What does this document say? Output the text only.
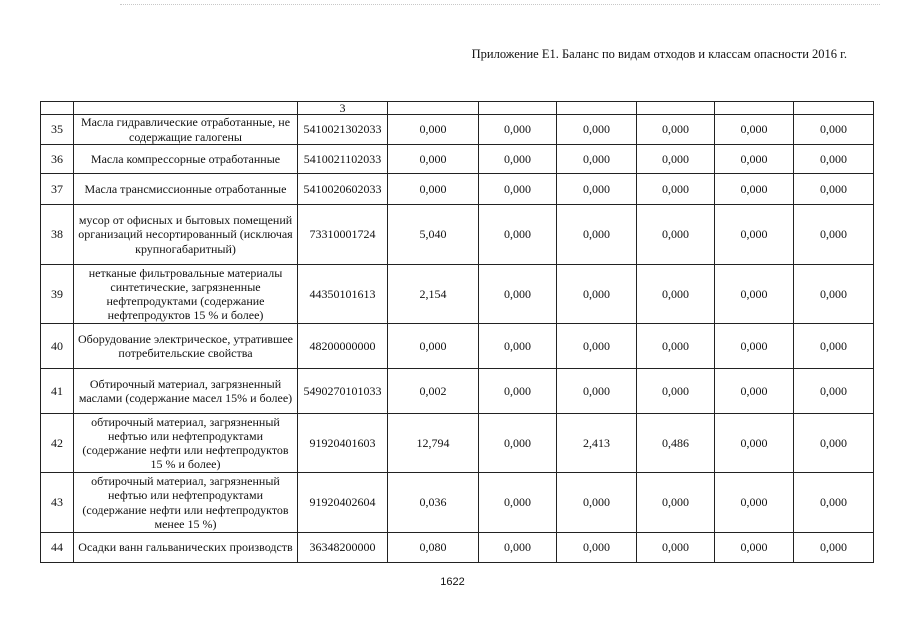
Приложение Е1. Баланс по видам отходов и классам опасности 2016 г.
		3						
35	Масла гидравлические отработанные, не содержащие галогены	5410021302033	0,000	0,000	0,000	0,000	0,000	0,000
36	Масла компрессорные отработанные	5410021102033	0,000	0,000	0,000	0,000	0,000	0,000
37	Масла трансмиссионные отработанные	5410020602033	0,000	0,000	0,000	0,000	0,000	0,000
38	мусор от офисных и бытовых помещений организаций несортированный (исключая крупногабаритный)	73310001724	5,040	0,000	0,000	0,000	0,000	0,000
39	нетканые фильтровальные материалы синтетические, загрязненные нефтепродуктами (содержание нефтепродуктов 15 % и более)	44350101613	2,154	0,000	0,000	0,000	0,000	0,000
40	Оборудование электрическое, утратившее потребительские свойства	48200000000	0,000	0,000	0,000	0,000	0,000	0,000
41	Обтирочный материал, загрязненный маслами (содержание масел 15% и более)	5490270101033	0,002	0,000	0,000	0,000	0,000	0,000
42	обтирочный материал, загрязненный нефтью или нефтепродуктами (содержание нефти или нефтепродуктов 15 % и более)	91920401603	12,794	0,000	2,413	0,486	0,000	0,000
43	обтирочный материал, загрязненный нефтью или нефтепродуктами (содержание нефти или нефтепродуктов менее 15 %)	91920402604	0,036	0,000	0,000	0,000	0,000	0,000
44	Осадки ванн гальванических производств	36348200000	0,080	0,000	0,000	0,000	0,000	0,000
1622
